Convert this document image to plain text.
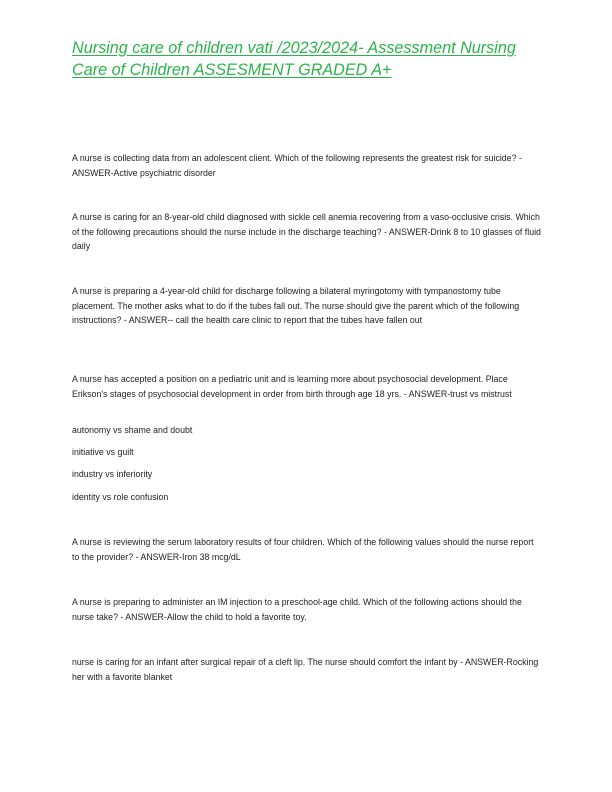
Nursing care of children vati /2023/2024- Assessment Nursing Care of Children ASSESMENT GRADED A+

A nurse is collecting data from an adolescent client. Which of the following represents the greatest risk for suicide? - ANSWER-Active psychiatric disorder

A nurse is caring for an 8-year-old child diagnosed with sickle cell anemia recovering from a vaso-occlusive crisis. Which of the following precautions should the nurse include in the discharge teaching? - ANSWER-Drink 8 to 10 glasses of fluid daily

A nurse is preparing a 4-year-old child for discharge following a bilateral myringotomy with tympanostomy tube placement. The mother asks what to do if the tubes fall out. The nurse should give the parent which of the following instructions? - ANSWER-- call the health care clinic to report that the tubes have fallen out

A nurse has accepted a position on a pediatric unit and is learning more about psychosocial development. Place Erikson's stages of psychosocial development in order from birth through age 18 yrs. - ANSWER-trust vs mistrust

autonomy vs shame and doubt

initiative vs guilt

industry vs inferiority

identity vs role confusion

A nurse is reviewing the serum laboratory results of four children. Which of the following values should the nurse report to the provider? - ANSWER-Iron 38 mcg/dL

A nurse is preparing to administer an IM injection to a preschool-age child. Which of the following actions should the nurse take? - ANSWER-Allow the child to hold a favorite toy.

nurse is caring for an infant after surgical repair of a cleft lip. The nurse should comfort the infant by - ANSWER-Rocking her with a favorite blanket
